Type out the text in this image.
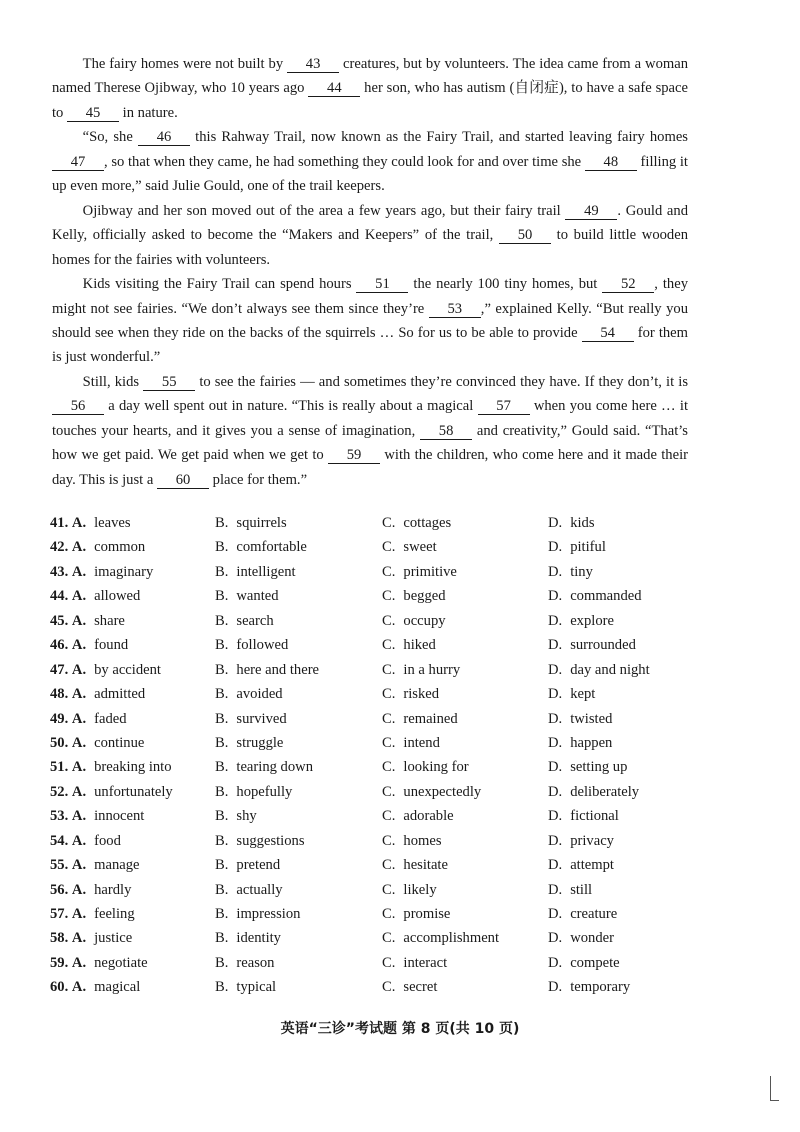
The fairy homes were not built by 43 creatures, but by volunteers. The idea came from a woman named Therese Ojibway, who 10 years ago 44 her son, who has autism (自闭症), to have a safe space to 45 in nature.

“So, she 46 this Rahway Trail, now known as the Fairy Trail, and started leaving fairy homes 47 , so that when they came, he had something they could look for and over time she 48 filling it up even more,” said Julie Gould, one of the trail keepers.

Ojibway and her son moved out of the area a few years ago, but their fairy trail 49 . Gould and Kelly, officially asked to become the “Makers and Keepers” of the trail, 50 to build little wooden homes for the fairies with volunteers.

Kids visiting the Fairy Trail can spend hours 51 the nearly 100 tiny homes, but 52 , they might not see fairies. “We don’t always see them since they’re 53 ,” explained Kelly. “But really you should see when they ride on the backs of the squirrels … So for us to be able to provide 54 for them is just wonderful.”

Still, kids 55 to see the fairies — and sometimes they’re convinced they have. If they don’t, it is 56 a day well spent out in nature. “This is really about a magical 57 when you come here … it touches your hearts, and it gives you a sense of imagination, 58 and creativity,” Gould said. “That’s how we get paid. We get paid when we get to 59 with the children, who come here and it made their day. This is just a 60 place for them.”

41. A. leaves	B. squirrels	C. cottages	D. kids
42. A. common	B. comfortable	C. sweet	D. pitiful
43. A. imaginary	B. intelligent	C. primitive	D. tiny
44. A. allowed	B. wanted	C. begged	D. commanded
45. A. share	B. search	C. occupy	D. explore
46. A. found	B. followed	C. hiked	D. surrounded
47. A. by accident	B. here and there	C. in a hurry	D. day and night
48. A. admitted	B. avoided	C. risked	D. kept
49. A. faded	B. survived	C. remained	D. twisted
50. A. continue	B. struggle	C. intend	D. happen
51. A. breaking into	B. tearing down	C. looking for	D. setting up
52. A. unfortunately	B. hopefully	C. unexpectedly	D. deliberately
53. A. innocent	B. shy	C. adorable	D. fictional
54. A. food	B. suggestions	C. homes	D. privacy
55. A. manage	B. pretend	C. hesitate	D. attempt
56. A. hardly	B. actually	C. likely	D. still
57. A. feeling	B. impression	C. promise	D. creature
58. A. justice	B. identity	C. accomplishment	D. wonder
59. A. negotiate	B. reason	C. interact	D. compete
60. A. magical	B. typical	C. secret	D. temporary
英语“三诊”考试题 第 8 页(共 10 页)
